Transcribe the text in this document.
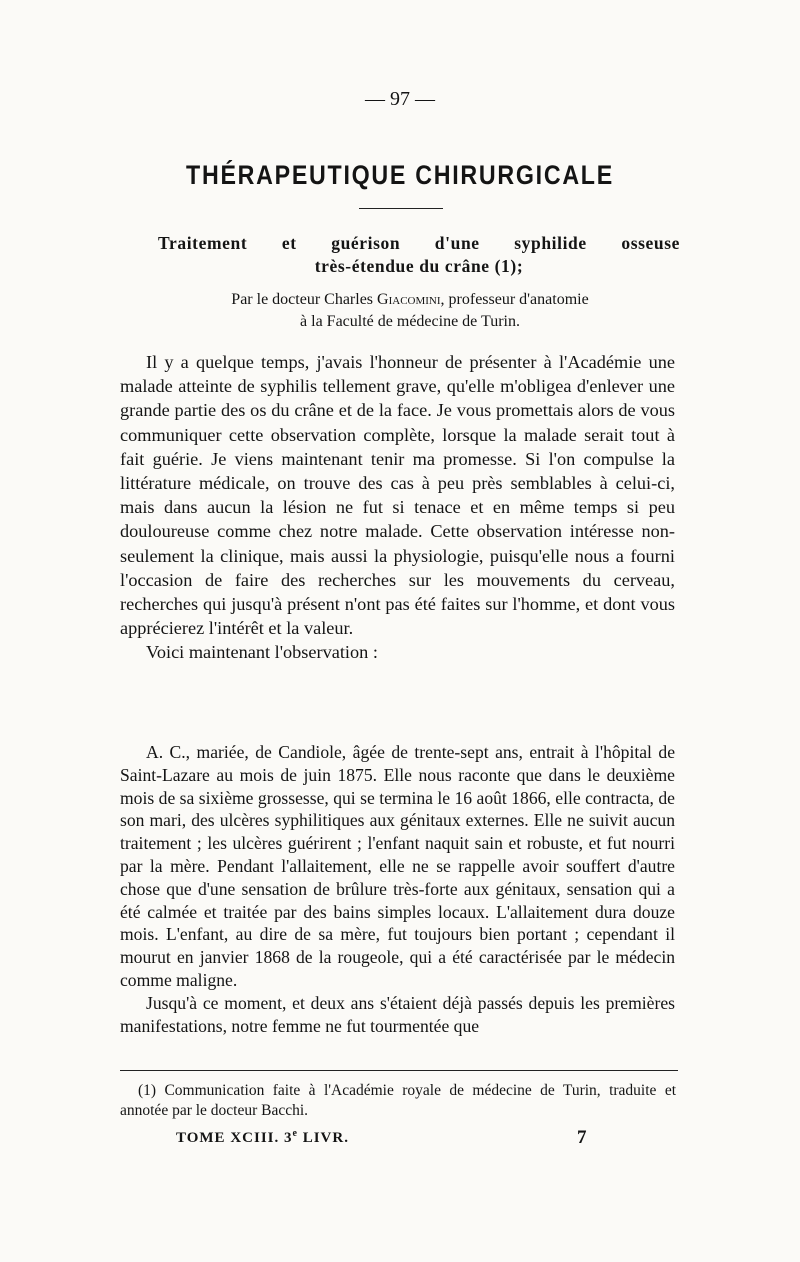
— 97 —
THÉRAPEUTIQUE CHIRURGICALE
Traitement et guérison d'une syphilide osseuse
très-étendue du crâne (1);
Par le docteur Charles Giacomini, professeur d'anatomie
à la Faculté de médecine de Turin.

Il y a quelque temps, j'avais l'honneur de présenter à l'Académie une malade atteinte de syphilis tellement grave, qu'elle m'obligea d'enlever une grande partie des os du crâne et de la face. Je vous promettais alors de vous communiquer cette observation complète, lorsque la malade serait tout à fait guérie. Je viens maintenant tenir ma promesse. Si l'on compulse la littérature médicale, on trouve des cas à peu près semblables à celui-ci, mais dans aucun la lésion ne fut si tenace et en même temps si peu douloureuse comme chez notre malade. Cette observation intéresse non-seulement la clinique, mais aussi la physiologie, puisqu'elle nous a fourni l'occasion de faire des recherches sur les mouvements du cerveau, recherches qui jusqu'à présent n'ont pas été faites sur l'homme, et dont vous apprécierez l'intérêt et la valeur.

Voici maintenant l'observation :

A. C., mariée, de Candiole, âgée de trente-sept ans, entrait à l'hôpital de Saint-Lazare au mois de juin 1875. Elle nous raconte que dans le deuxième mois de sa sixième grossesse, qui se termina le 16 août 1866, elle contracta, de son mari, des ulcères syphilitiques aux génitaux externes. Elle ne suivit aucun traitement ; les ulcères guérirent ; l'enfant naquit sain et robuste, et fut nourri par la mère. Pendant l'allaitement, elle ne se rappelle avoir souffert d'autre chose que d'une sensation de brûlure très-forte aux génitaux, sensation qui a été calmée et traitée par des bains simples locaux. L'allaitement dura douze mois. L'enfant, au dire de sa mère, fut toujours bien portant ; cependant il mourut en janvier 1868 de la rougeole, qui a été caractérisée par le médecin comme maligne.

Jusqu'à ce moment, et deux ans s'étaient déjà passés depuis les premières manifestations, notre femme ne fut tourmentée que

(1) Communication faite à l'Académie royale de médecine de Turin, traduite et annotée par le docteur Bacchi.

TOME XCIII. 3e LIVR.	7
